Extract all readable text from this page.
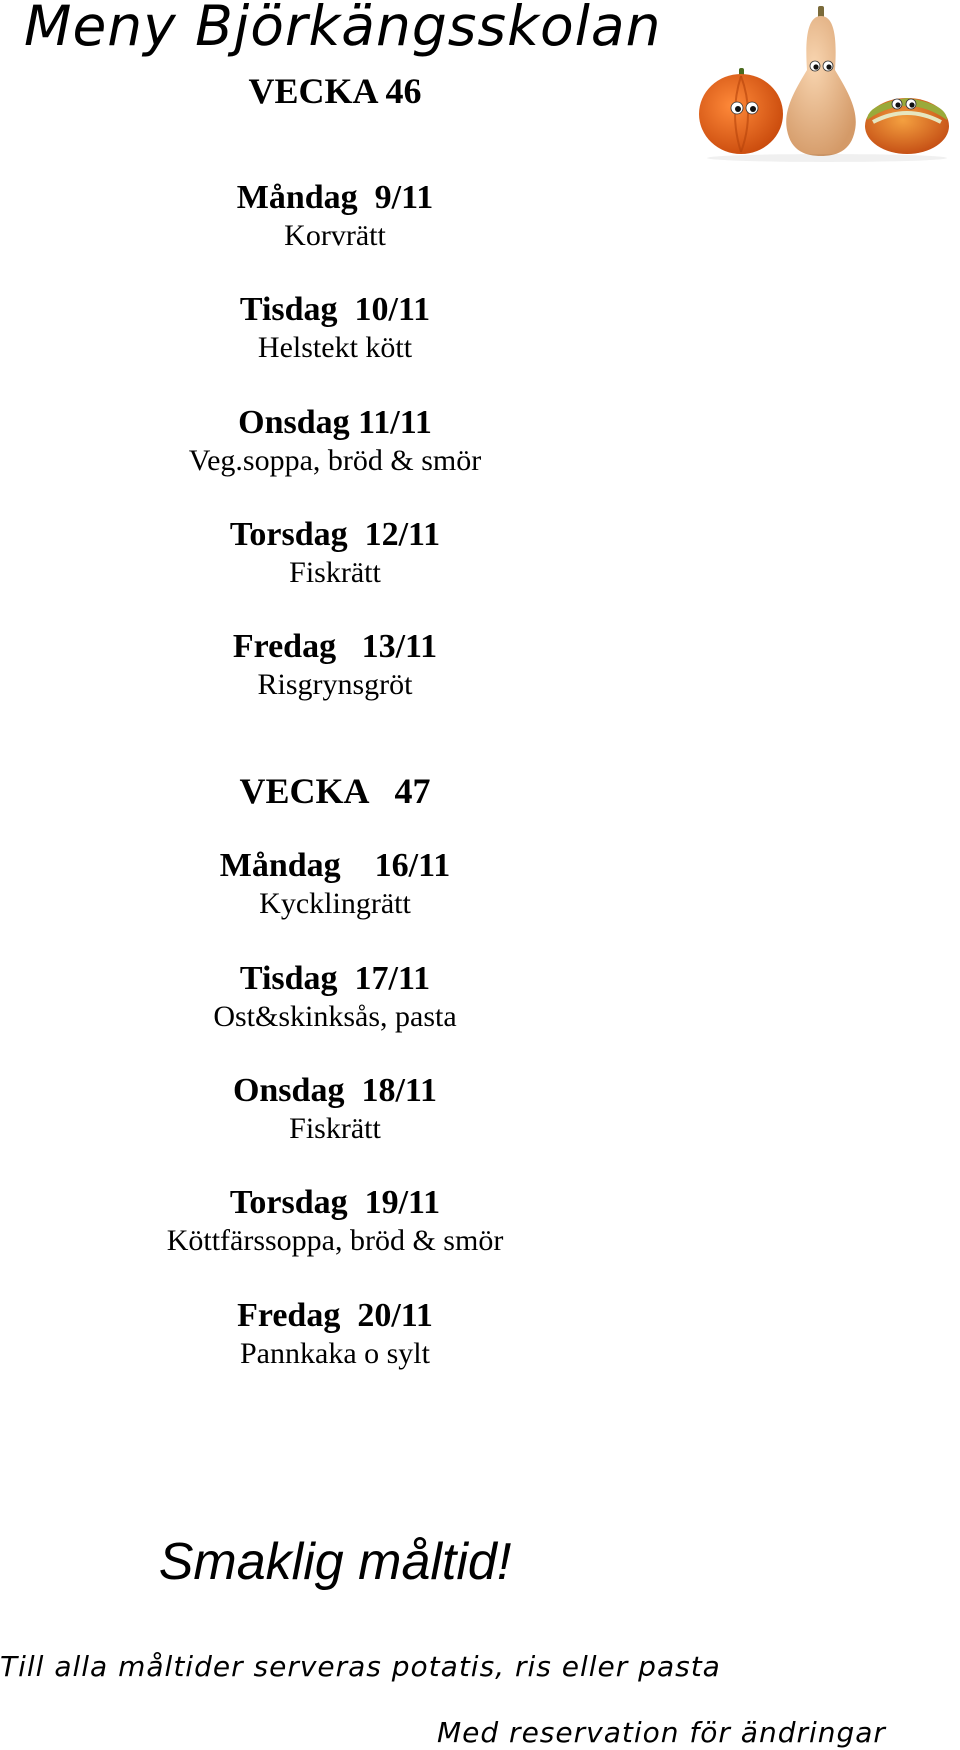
Meny Björkängsskolan
VECKA 46
Måndag  9/11
Korvrätt
Tisdag  10/11
Helstekt kött
Onsdag 11/11
Veg.soppa, bröd & smör
Torsdag  12/11
Fiskrätt
Fredag   13/11
Risgrynsgröt
VECKA   47
Måndag    16/11
Kycklingrätt
Tisdag  17/11
Ost&skinksås, pasta
Onsdag  18/11
Fiskrätt
Torsdag  19/11
Köttfärssoppa, bröd & smör
Fredag  20/11
Pannkaka o sylt
Smaklig måltid!
Till alla måltider serveras potatis, ris eller pasta
Med reservation för ändringar
